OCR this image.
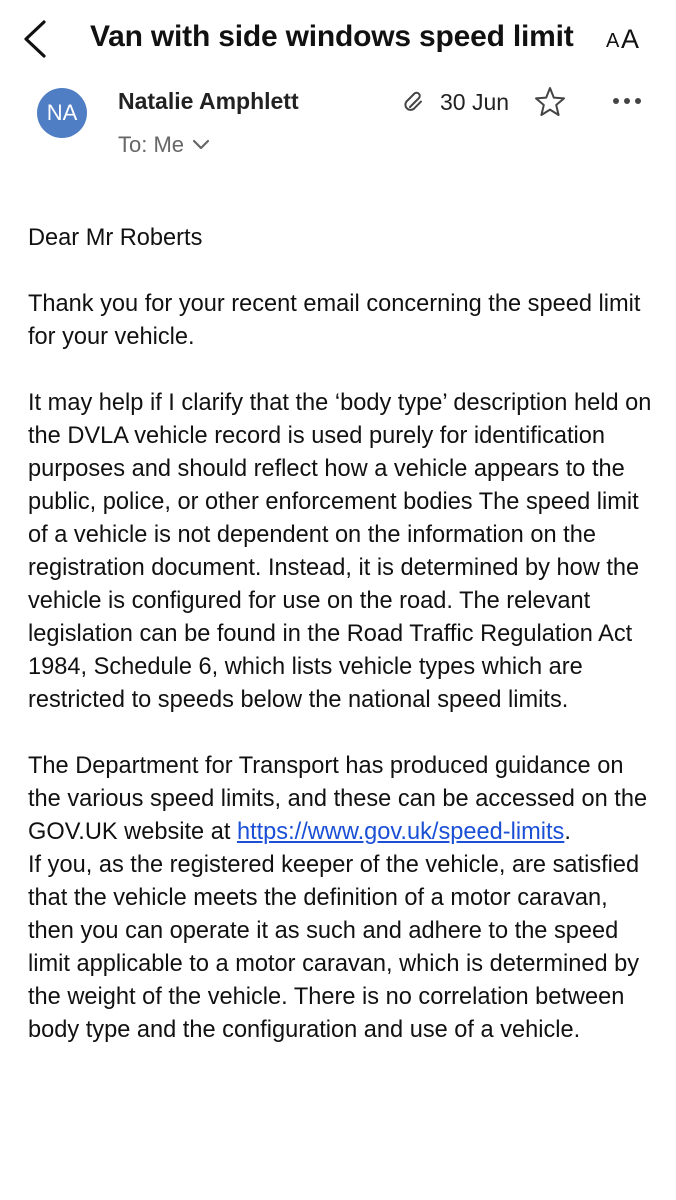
Van with side windows speed limit A A
NA	Natalie Amphlett
To: Me
30 Jun

Dear Mr Roberts

Thank you for your recent email concerning the speed limit for your vehicle.

It may help if I clarify that the ‘body type’ description held on the DVLA vehicle record is used purely for identification purposes and should reflect how a vehicle appears to the public, police, or other enforcement bodies The speed limit of a vehicle is not dependent on the information on the registration document. Instead, it is determined by how the vehicle is configured for use on the road. The relevant legislation can be found in the Road Traffic Regulation Act 1984, Schedule 6, which lists vehicle types which are restricted to speeds below the national speed limits.

The Department for Transport has produced guidance on the various speed limits, and these can be accessed on the GOV.UK website at https://www.gov.uk/speed-limits.

If you, as the registered keeper of the vehicle, are satisfied that the vehicle meets the definition of a motor caravan, then you can operate it as such and adhere to the speed limit applicable to a motor caravan, which is determined by the weight of the vehicle. There is no correlation between body type and the configuration and use of a vehicle.
